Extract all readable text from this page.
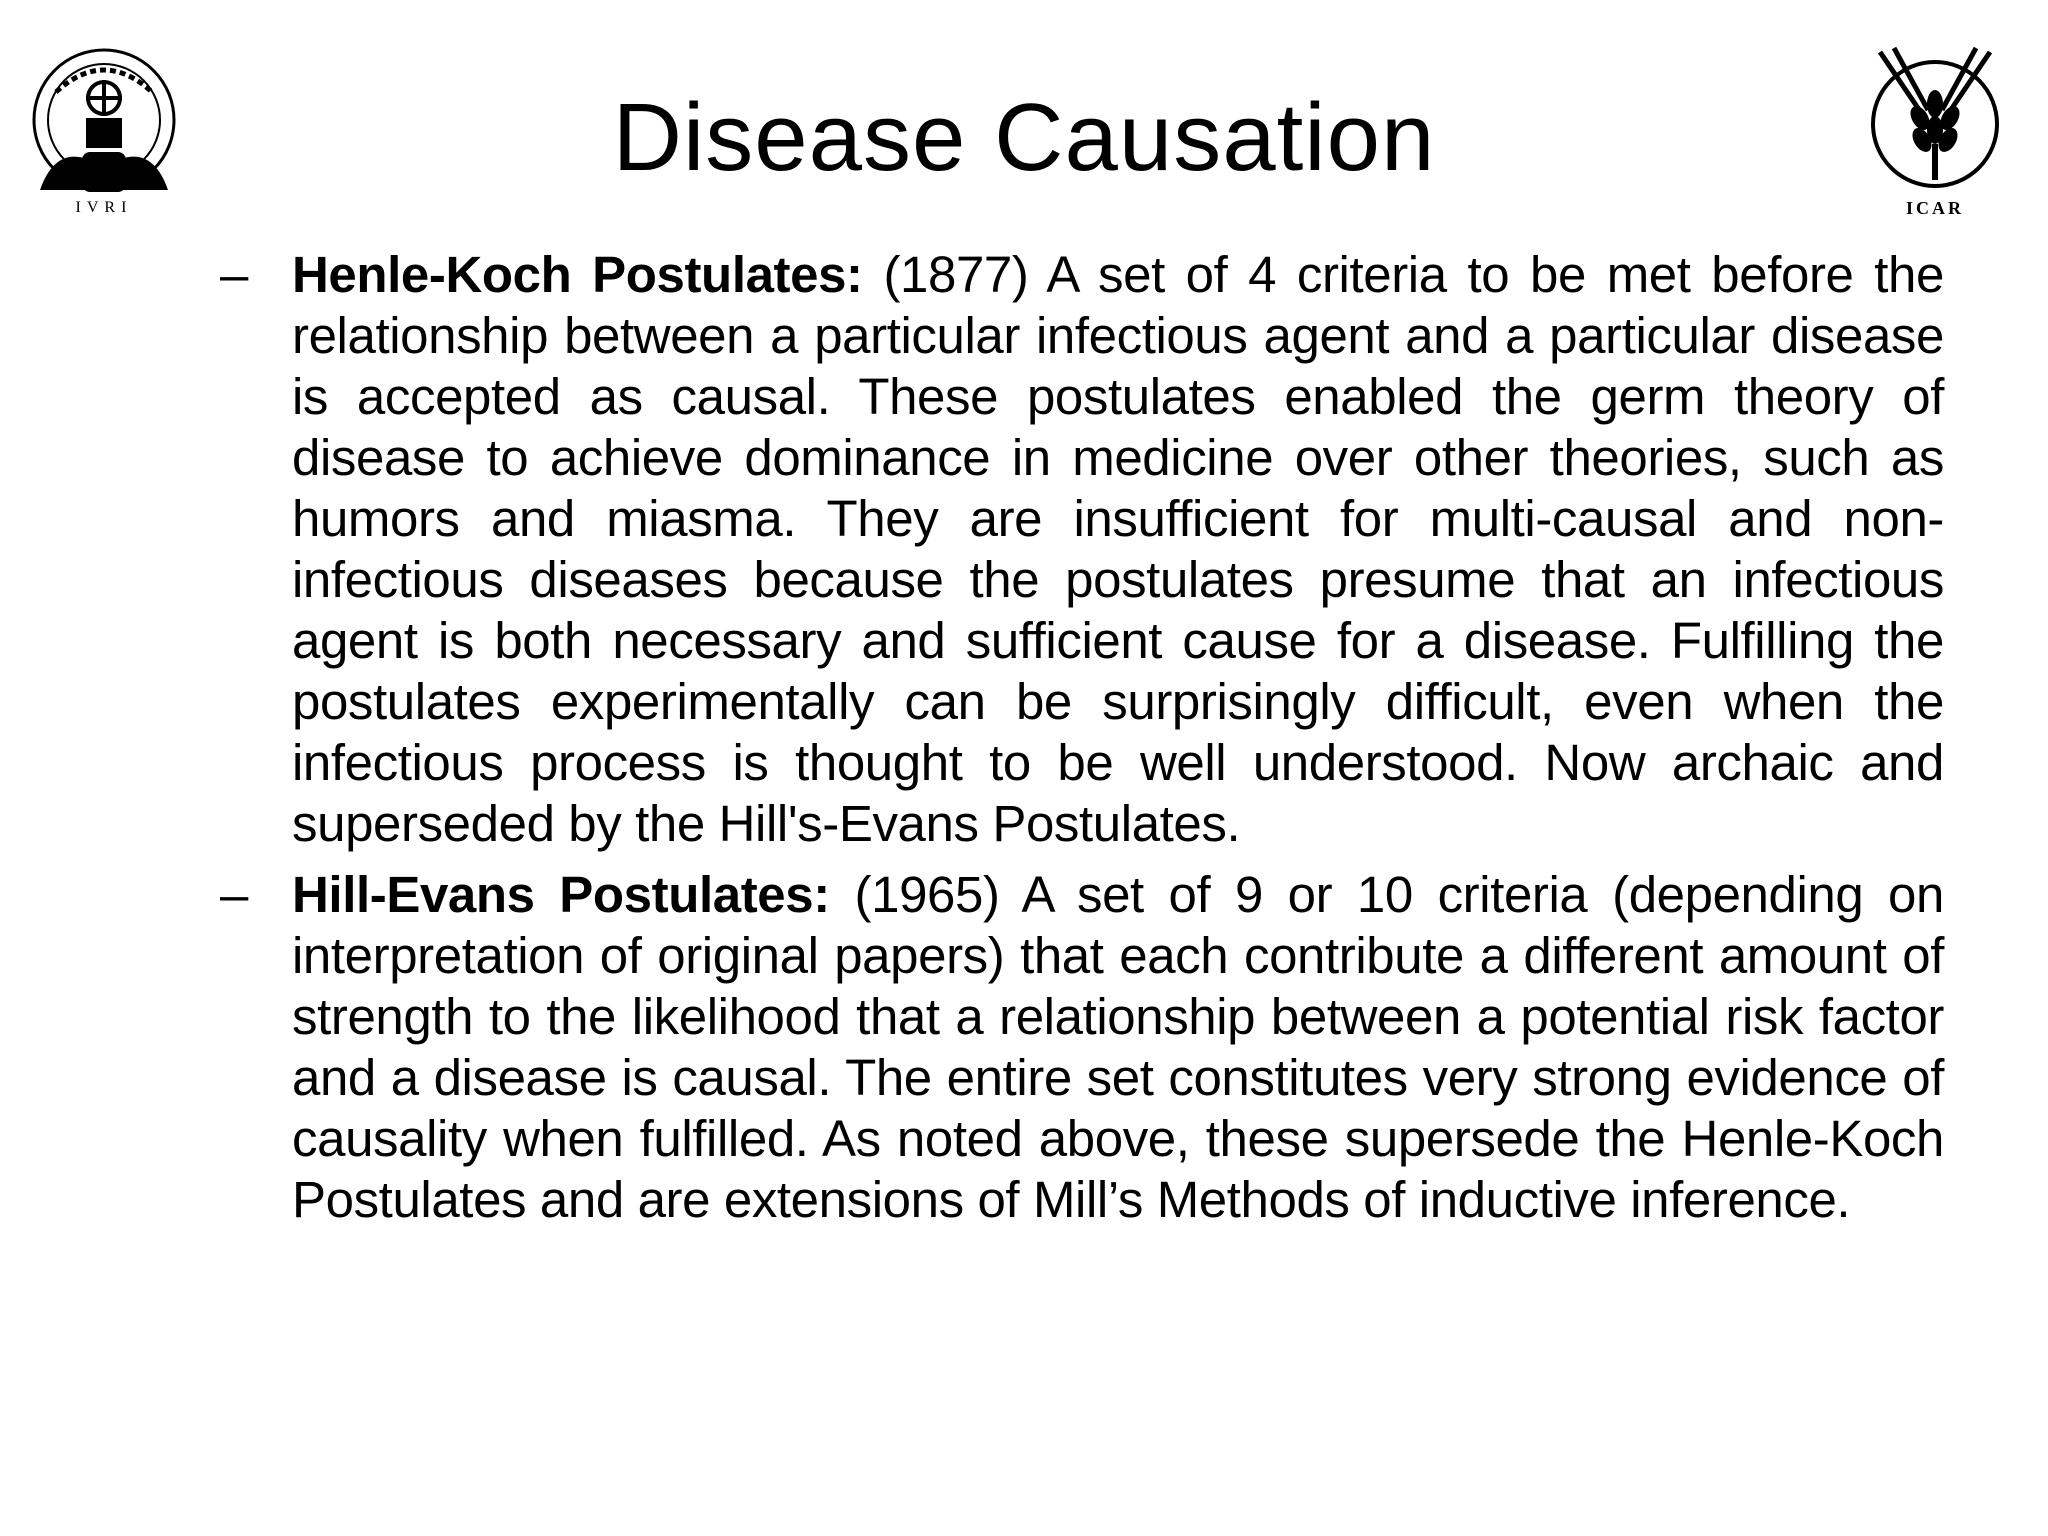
IVRI
Disease Causation
ICAR
– Henle-Koch Postulates: (1877) A set of 4 criteria to be met before the relationship between a particular infectious agent and a particular disease is accepted as causal. These postulates enabled the germ theory of disease to achieve dominance in medicine over other theories, such as humors and miasma. They are insufficient for multi-causal and non-infectious diseases because the postulates presume that an infectious agent is both necessary and sufficient cause for a disease. Fulfilling the postulates experimentally can be surprisingly difficult, even when the infectious process is thought to be well understood. Now archaic and superseded by the Hill's-Evans Postulates.
– Hill-Evans Postulates: (1965) A set of 9 or 10 criteria (depending on interpretation of original papers) that each contribute a different amount of strength to the likelihood that a relationship between a potential risk factor and a disease is causal. The entire set constitutes very strong evidence of causality when fulfilled. As noted above, these supersede the Henle-Koch Postulates and are extensions of Mill’s Methods of inductive inference.
